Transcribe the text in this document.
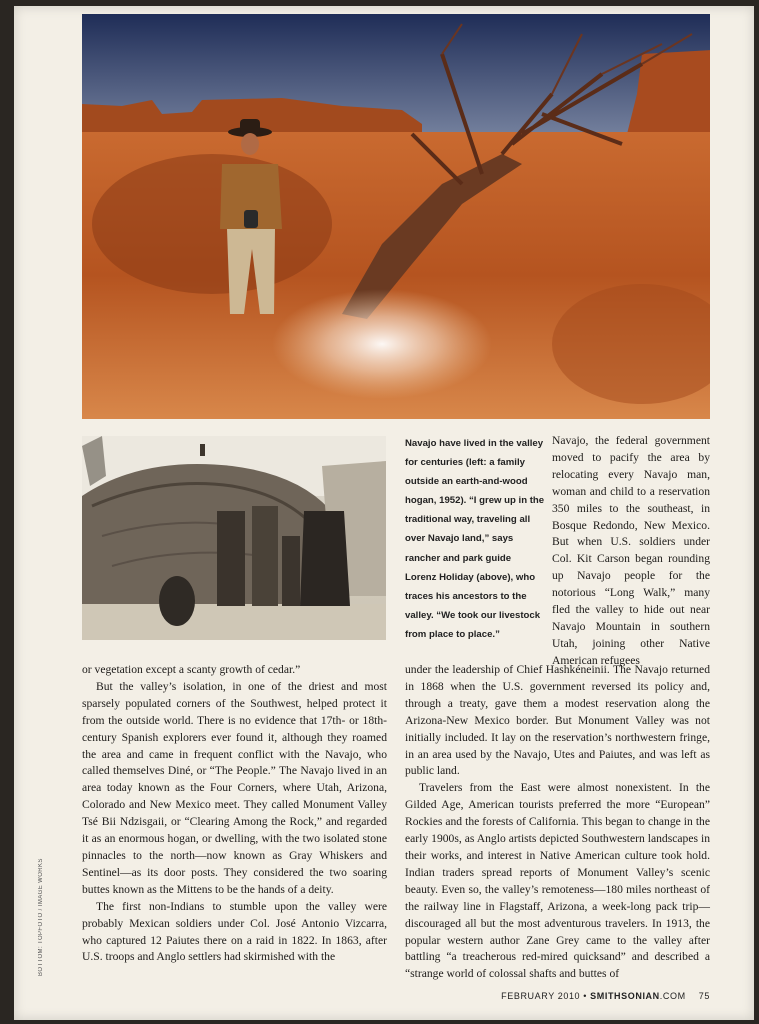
Navajo have lived in the valley for centuries (left: a family outside an earth-and-wood hogan, 1952). “I grew up in the traditional way, traveling all over Navajo land,” says rancher and park guide Lorenz Holiday (above), who traces his ancestors to the valley. “We took our livestock from place to place.”

Navajo, the federal government moved to pacify the area by relocating every Navajo man, woman and child to a reservation 350 miles to the southeast, in Bosque Redondo, New Mexico. But when U.S. soldiers under Col. Kit Carson began rounding up Navajo people for the notorious “Long Walk,” many fled the valley to hide out near Navajo Mountain in southern Utah, joining other Native American refugees

or vegetation except a scanty growth of cedar.”

But the valley’s isolation, in one of the driest and most sparsely populated corners of the Southwest, helped protect it from the outside world. There is no evidence that 17th- or 18th-century Spanish explorers ever found it, although they roamed the area and came in frequent conflict with the Navajo, who called themselves Diné, or “The People.” The Navajo lived in an area today known as the Four Corners, where Utah, Arizona, Colorado and New Mexico meet. They called Monument Valley Tsé Bii Ndzisgaii, or “Clearing Among the Rock,” and regarded it as an enormous hogan, or dwelling, with the two isolated stone pinnacles to the north—now known as Gray Whiskers and Sentinel—as its door posts. They considered the two soaring buttes known as the Mittens to be the hands of a deity.

The first non-Indians to stumble upon the valley were probably Mexican soldiers under Col. José Antonio Vizcarra, who captured 12 Paiutes there on a raid in 1822. In 1863, after U.S. troops and Anglo settlers had skirmished with the

under the leadership of Chief Hashkéneinii. The Navajo returned in 1868 when the U.S. government reversed its policy and, through a treaty, gave them a modest reservation along the Arizona-New Mexico border. But Monument Valley was not initially included. It lay on the reservation’s northwestern fringe, in an area used by the Navajo, Utes and Paiutes, and was left as public land.

Travelers from the East were almost nonexistent. In the Gilded Age, American tourists preferred the more “European” Rockies and the forests of California. This began to change in the early 1900s, as Anglo artists depicted Southwestern landscapes in their works, and interest in Native American culture took hold. Indian traders spread reports of Monument Valley’s scenic beauty. Even so, the valley’s remoteness—180 miles northeast of the railway line in Flagstaff, Arizona, a week-long pack trip—discouraged all but the most adventurous travelers. In 1913, the popular western author Zane Grey came to the valley after battling “a treacherous red-mired quicksand” and described a “strange world of colossal shafts and buttes of

BOTTOM: TOPFOTO / IMAGE WORKS
FEBRUARY 2010 • SMITHSONIAN.COM 75
